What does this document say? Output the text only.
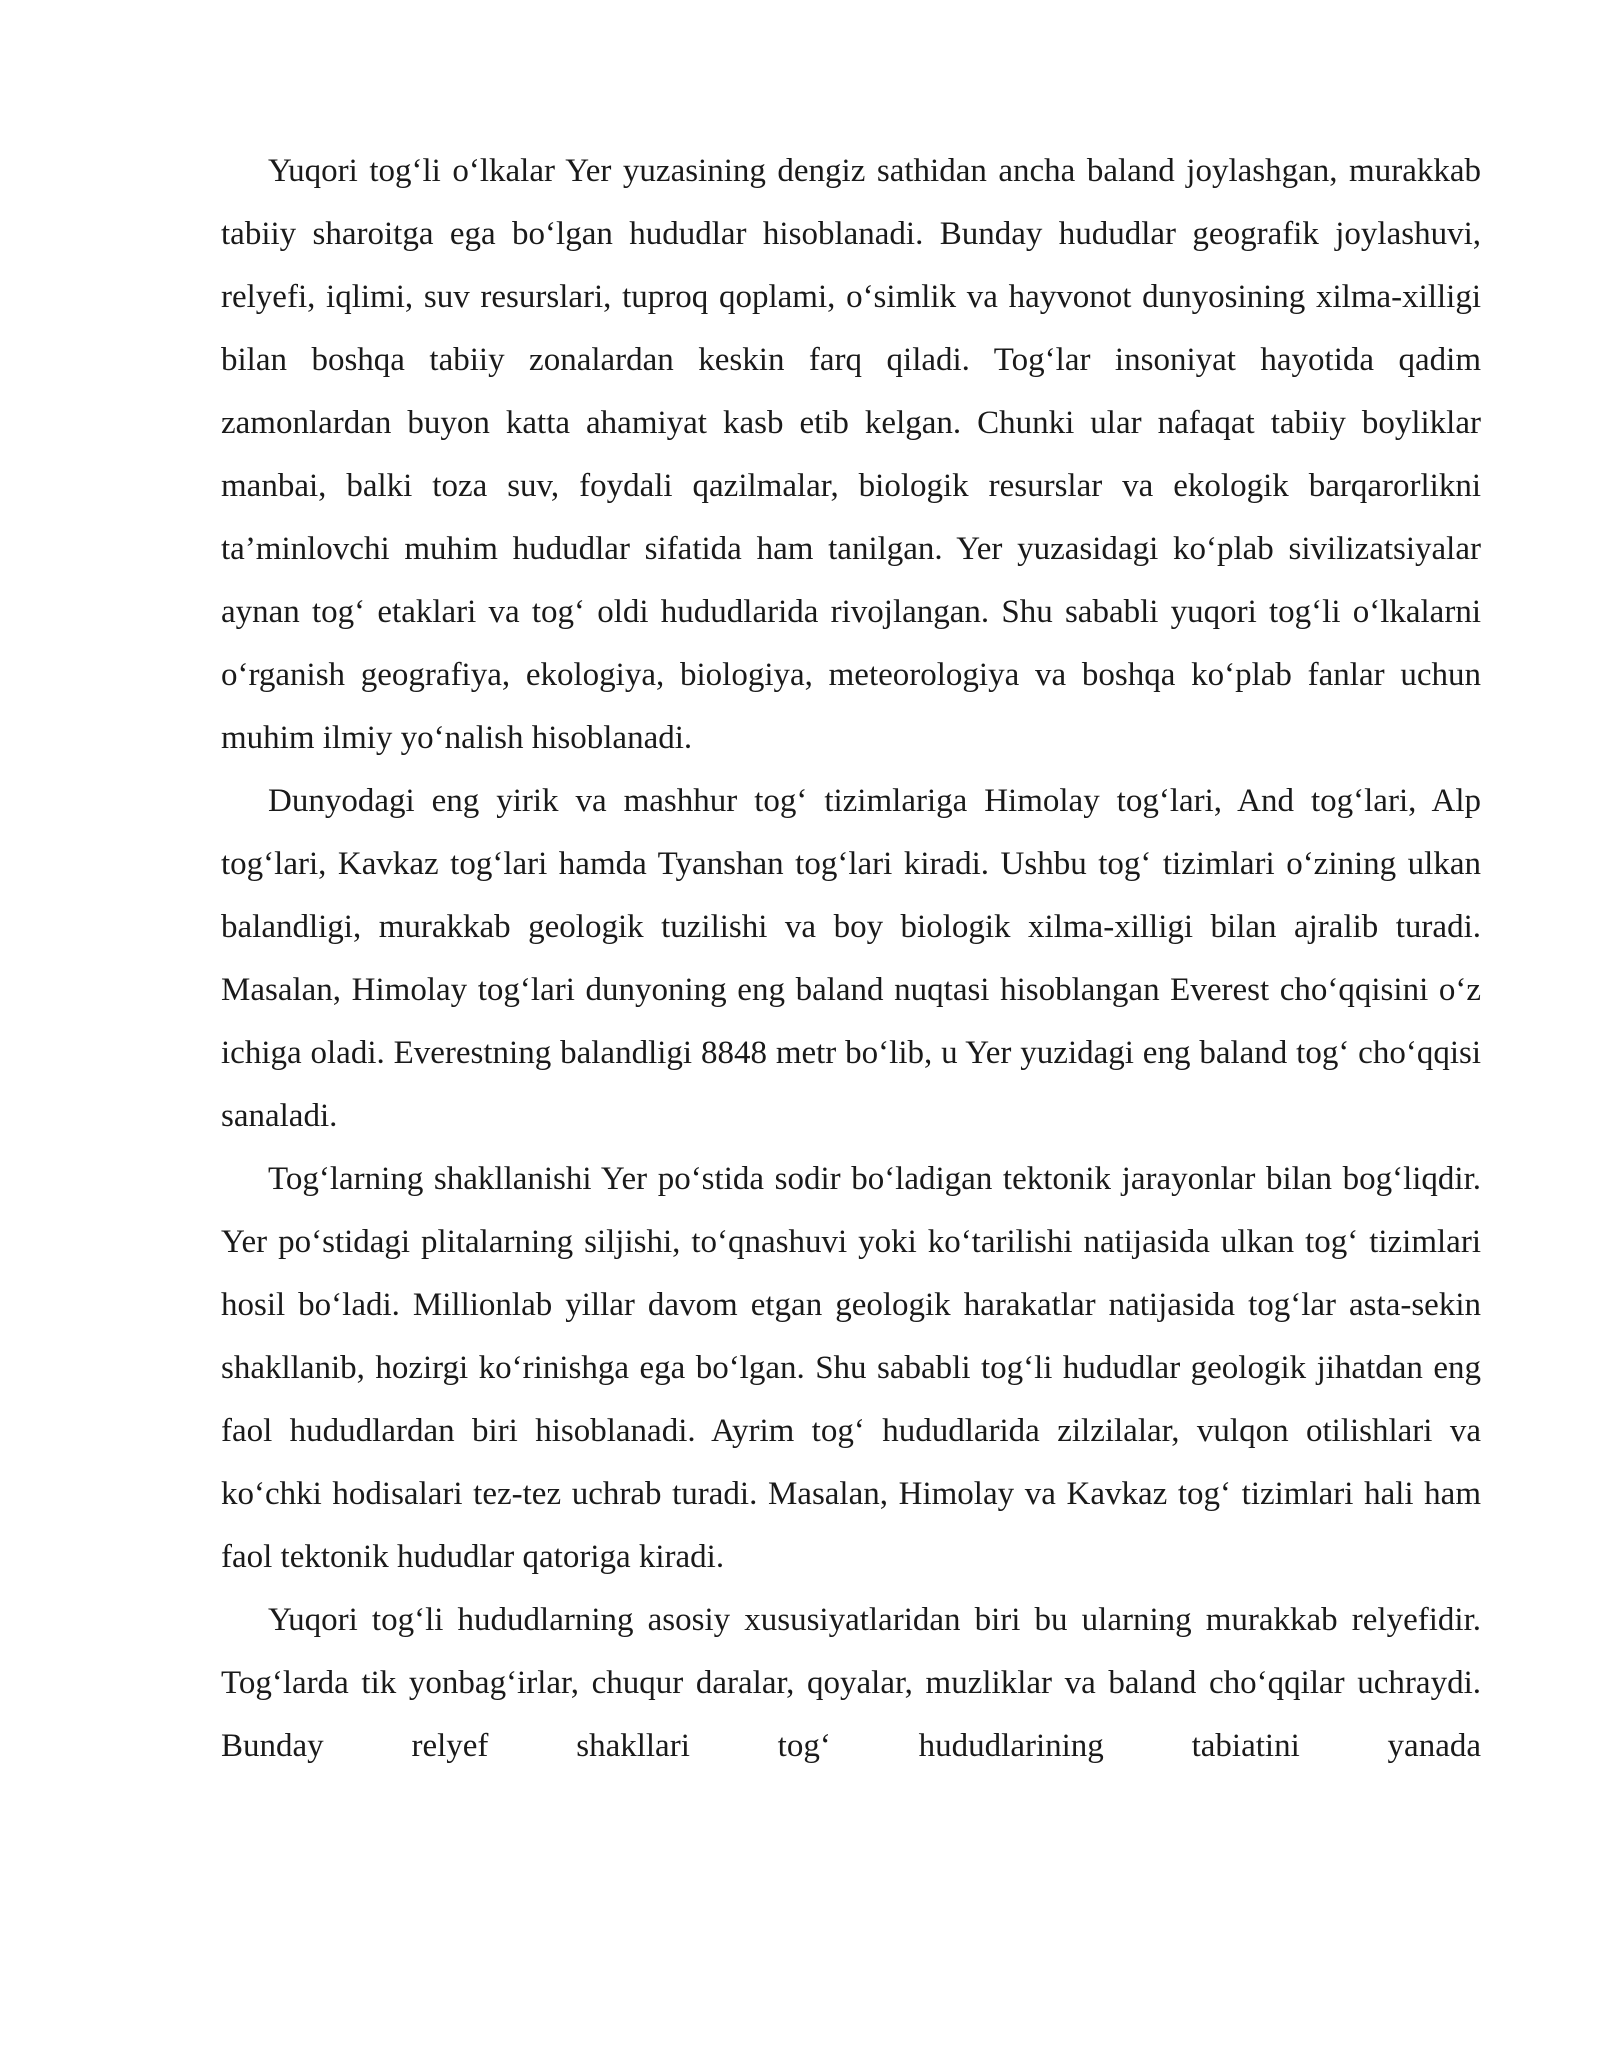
Yuqori tog‘li o‘lkalar Yer yuzasining dengiz sathidan ancha baland joylashgan, murakkab tabiiy sharoitga ega bo‘lgan hududlar hisoblanadi. Bunday hududlar geografik joylashuvi, relyefi, iqlimi, suv resurslari, tuproq qoplami, o‘simlik va hayvonot dunyosining xilma-xilligi bilan boshqa tabiiy zonalardan keskin farq qiladi. Tog‘lar insoniyat hayotida qadim zamonlardan buyon katta ahamiyat kasb etib kelgan. Chunki ular nafaqat tabiiy boyliklar manbai, balki toza suv, foydali qazilmalar, biologik resurslar va ekologik barqarorlikni ta’minlovchi muhim hududlar sifatida ham tanilgan. Yer yuzasidagi ko‘plab sivilizatsiyalar aynan tog‘ etaklari va tog‘ oldi hududlarida rivojlangan. Shu sababli yuqori tog‘li o‘lkalarni o‘rganish geografiya, ekologiya, biologiya, meteorologiya va boshqa ko‘plab fanlar uchun muhim ilmiy yo‘nalish hisoblanadi.

Dunyodagi eng yirik va mashhur tog‘ tizimlariga Himolay tog‘lari, And tog‘lari, Alp tog‘lari, Kavkaz tog‘lari hamda Tyanshan tog‘lari kiradi. Ushbu tog‘ tizimlari o‘zining ulkan balandligi, murakkab geologik tuzilishi va boy biologik xilma-xilligi bilan ajralib turadi. Masalan, Himolay tog‘lari dunyoning eng baland nuqtasi hisoblangan Everest cho‘qqisini o‘z ichiga oladi. Everestning balandligi 8848 metr bo‘lib, u Yer yuzidagi eng baland tog‘ cho‘qqisi sanaladi.

Tog‘larning shakllanishi Yer po‘stida sodir bo‘ladigan tektonik jarayonlar bilan bog‘liqdir. Yer po‘stidagi plitalarning siljishi, to‘qnashuvi yoki ko‘tarilishi natijasida ulkan tog‘ tizimlari hosil bo‘ladi. Millionlab yillar davom etgan geologik harakatlar natijasida tog‘lar asta-sekin shakllanib, hozirgi ko‘rinishga ega bo‘lgan. Shu sababli tog‘li hududlar geologik jihatdan eng faol hududlardan biri hisoblanadi. Ayrim tog‘ hududlarida zilzilalar, vulqon otilishlari va ko‘chki hodisalari tez-tez uchrab turadi. Masalan, Himolay va Kavkaz tog‘ tizimlari hali ham faol tektonik hududlar qatoriga kiradi.

Yuqori tog‘li hududlarning asosiy xususiyatlaridan biri bu ularning murakkab relyefidir. Tog‘larda tik yonbag‘irlar, chuqur daralar, qoyalar, muzliklar va baland cho‘qqilar uchraydi. Bunday relyef shakllari tog‘ hududlarining tabiatini yanada
